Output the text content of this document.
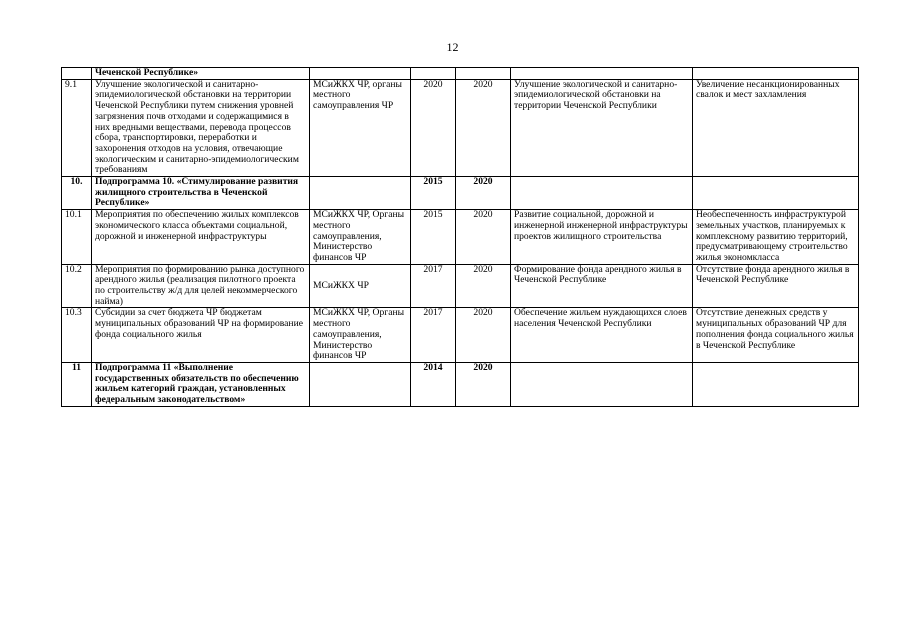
12
	Чеченской Республике»					
9.1	Улучшение экологической и санитарно-эпидемиологической обстановки на территории Чеченской Республики путем снижения уровней загрязнения почв отходами и содержащимися в них вредными веществами, перевода процессов сбора, транспортировки, переработки и захоронения отходов на условия, отвечающие экологическим и санитарно-эпидемиологическим требованиям	МСиЖКХ ЧР, органы местного самоуправления ЧР	2020	2020	Улучшение экологической и санитарно-эпидемиологической обстановки на территории Чеченской Республики	Увеличение несанкционированных свалок и мест захламления
10.	Подпрограмма 10. «Стимулирование развития жилищного строительства в Чеченской Республике»		2015	2020		
10.1	Мероприятия по обеспечению жилых комплексов экономического класса объектами социальной, дорожной и инженерной инфраструктуры	МСиЖКХ ЧР, Органы местного самоуправления, Министерство финансов ЧР	2015	2020	Развитие социальной, дорожной и инженерной инженерной инфраструктуры проектов жилищного строительства	Необеспеченность инфраструктурой земельных участков, планируемых к комплексному развитию территорий, предусматривающему строительство жилья экономкласса
10.2	Мероприятия по формированию рынка доступного арендного жилья (реализация пилотного проекта по строительству ж/д для целей некоммерческого найма)	МСиЖКХ ЧР	2017	2020	Формирование фонда арендного жилья в Чеченской Республике	Отсутствие фонда арендного жилья в Чеченской Республике
10.3	Субсидии за счет бюджета ЧР бюджетам муниципальных образований ЧР на формирование фонда социального жилья	МСиЖКХ ЧР, Органы местного самоуправления, Министерство финансов ЧР	2017	2020	Обеспечение жильем нуждающихся слоев населения Чеченской Республики	Отсутствие денежных средств у муниципальных образований ЧР для пополнения фонда социального жилья в Чеченской Республике
11	Подпрограмма 11 «Выполнение государственных обязательств по обеспечению жильем категорий граждан, установленных федеральным законодательством»		2014	2020		
